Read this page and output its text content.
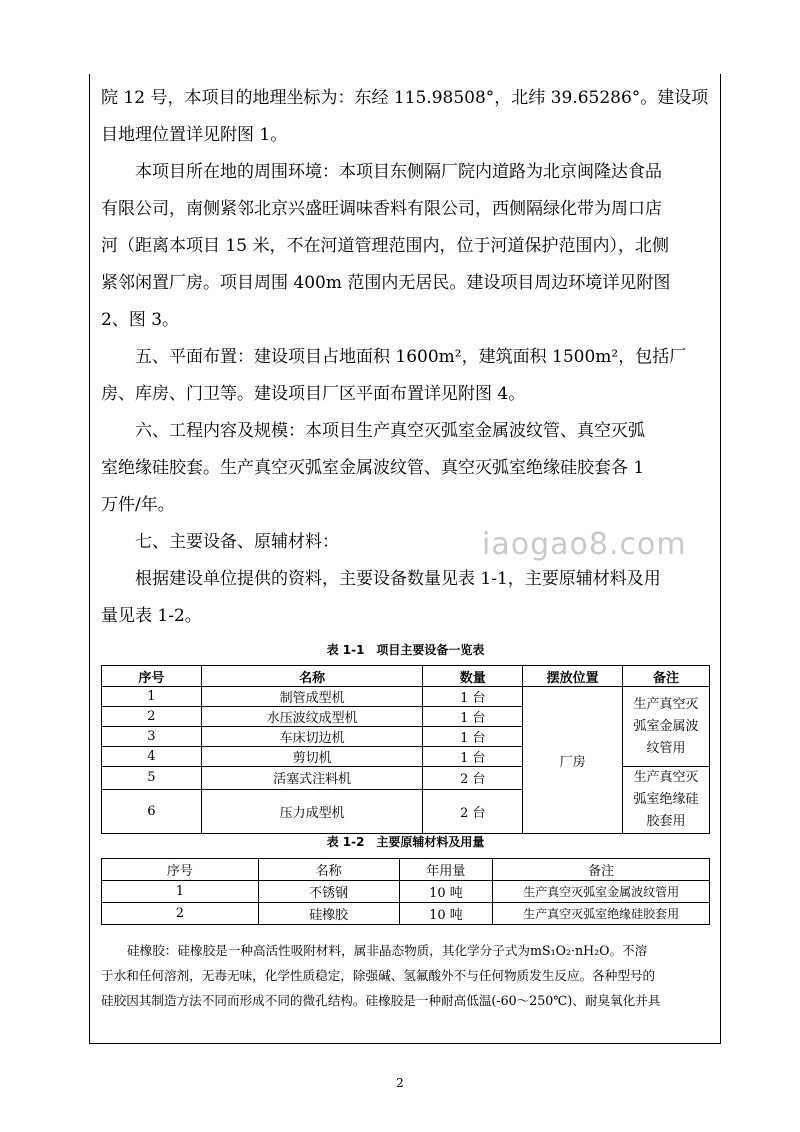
院 12 号，本项目的地理坐标为：东经 115.98508°，北纬 39.65286°。建设项

目地理位置详见附图 1。

本项目所在地的周围环境：本项目东侧隔厂院内道路为北京闽隆达食品

有限公司，南侧紧邻北京兴盛旺调味香料有限公司，西侧隔绿化带为周口店

河（距离本项目 15 米，不在河道管理范围内，位于河道保护范围内），北侧

紧邻闲置厂房。项目周围 400m 范围内无居民。建设项目周边环境详见附图

2、图 3。

五、平面布置：建设项目占地面积 1600m²，建筑面积 1500m²，包括厂

房、库房、门卫等。建设项目厂区平面布置详见附图 4。

六、工程内容及规模：本项目生产真空灭弧室金属波纹管、真空灭弧

室绝缘硅胶套。生产真空灭弧室金属波纹管、真空灭弧室绝缘硅胶套各 1

万件/年。

七、主要设备、原辅材料：

根据建设单位提供的资料，主要设备数量见表 1-1，主要原辅材料及用

量见表 1-2。

iaogao8.com
表 1-1　项目主要设备一览表
序号	名称	数量	摆放位置	备注
1	制管成型机	1 台	厂房	生产真空灭弧室金属波纹管用

2	水压波纹成型机	1 台		
3	车床切边机	1 台		
4	剪切机	1 台		
5	活塞式注料机	2 台		生产真空灭弧室绝缘硅胶套用

6	压力成型机	2 台		
表 1-2　主要原辅材料及用量
序号	名称	年用量	备注
1	不锈钢	10 吨	生产真空灭弧室金属波纹管用
2	硅橡胶	10 吨	生产真空灭弧室绝缘硅胶套用

硅橡胶：硅橡胶是一种高活性吸附材料，属非晶态物质，其化学分子式为mS₁O₂·nH₂O。不溶

于水和任何溶剂，无毒无味，化学性质稳定，除强碱、氢氟酸外不与任何物质发生反应。各种型号的

硅胶因其制造方法不同而形成不同的微孔结构。硅橡胶是一种耐高低温(-60～250℃)、耐臭氧化并具

2
